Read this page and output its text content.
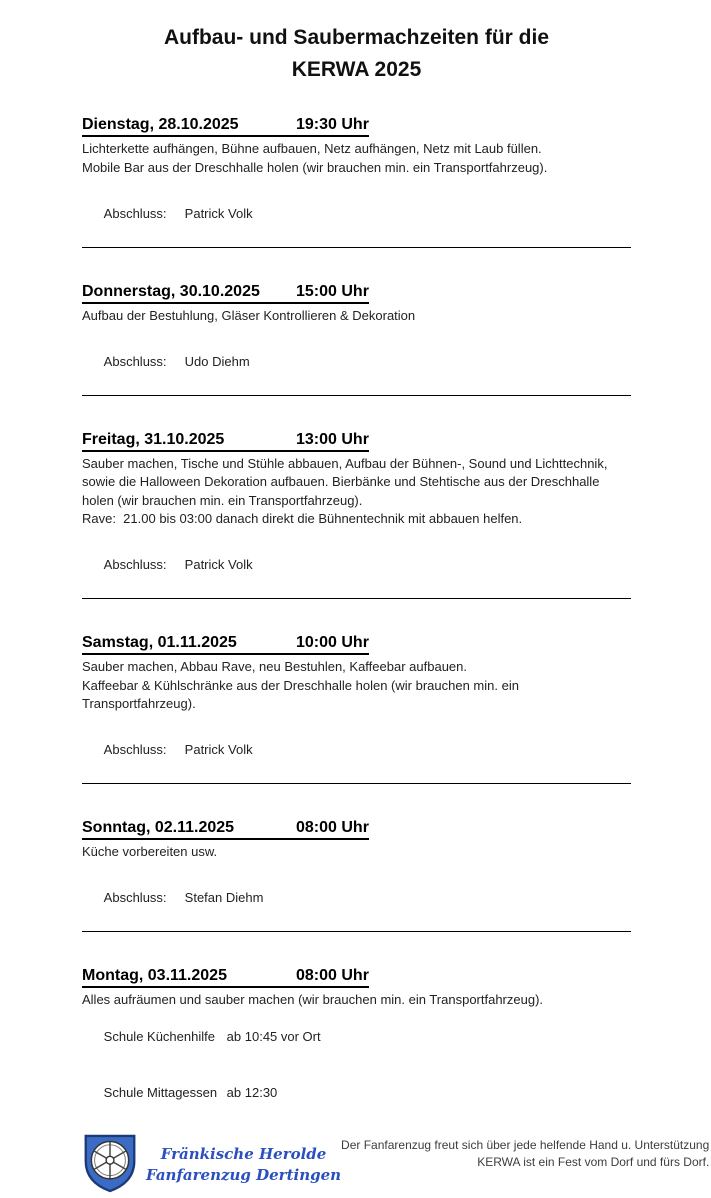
Aufbau- und Saubermachzeiten für die
KERWA 2025
Dienstag, 28.10.2025	19:30 Uhr
Lichterkette aufhängen, Bühne aufbauen, Netz aufhängen, Netz mit Laub füllen.
Mobile Bar aus der Dreschhalle holen (wir brauchen min. ein Transportfahrzeug).

Abschluss: Patrick Volk

Donnerstag, 30.10.2025	15:00 Uhr
Aufbau der Bestuhlung, Gläser Kontrollieren & Dekoration

Abschluss: Udo Diehm

Freitag, 31.10.2025	13:00 Uhr
Sauber machen, Tische und Stühle abbauen, Aufbau der Bühnen-, Sound und Lichttechnik,
sowie die Halloween Dekoration aufbauen. Bierbänke und Stehtische aus der Dreschhalle
holen (wir brauchen min. ein Transportfahrzeug).
Rave:  21.00 bis 03:00 danach direkt die Bühnentechnik mit abbauen helfen.

Abschluss: Patrick Volk

Samstag, 01.11.2025	10:00 Uhr
Sauber machen, Abbau Rave, neu Bestuhlen, Kaffeebar aufbauen.
Kaffeebar & Kühlschränke aus der Dreschhalle holen (wir brauchen min. ein
Transportfahrzeug).

Abschluss: Patrick Volk

Sonntag, 02.11.2025	08:00 Uhr
Küche vorbereiten usw.

Abschluss: Stefan Diehm

Montag, 03.11.2025	08:00 Uhr
Alles aufräumen und sauber machen (wir brauchen min. ein Transportfahrzeug).

Schule Küchenhilfe ab 10:45 vor Ort

Schule Mittagessen ab 12:30

Fränkische Herolde
Fanfarenzug Dertingen
Der Fanfarenzug freut sich über jede helfende Hand u. Unterstützung
KERWA ist ein Fest vom Dorf und fürs Dorf.
